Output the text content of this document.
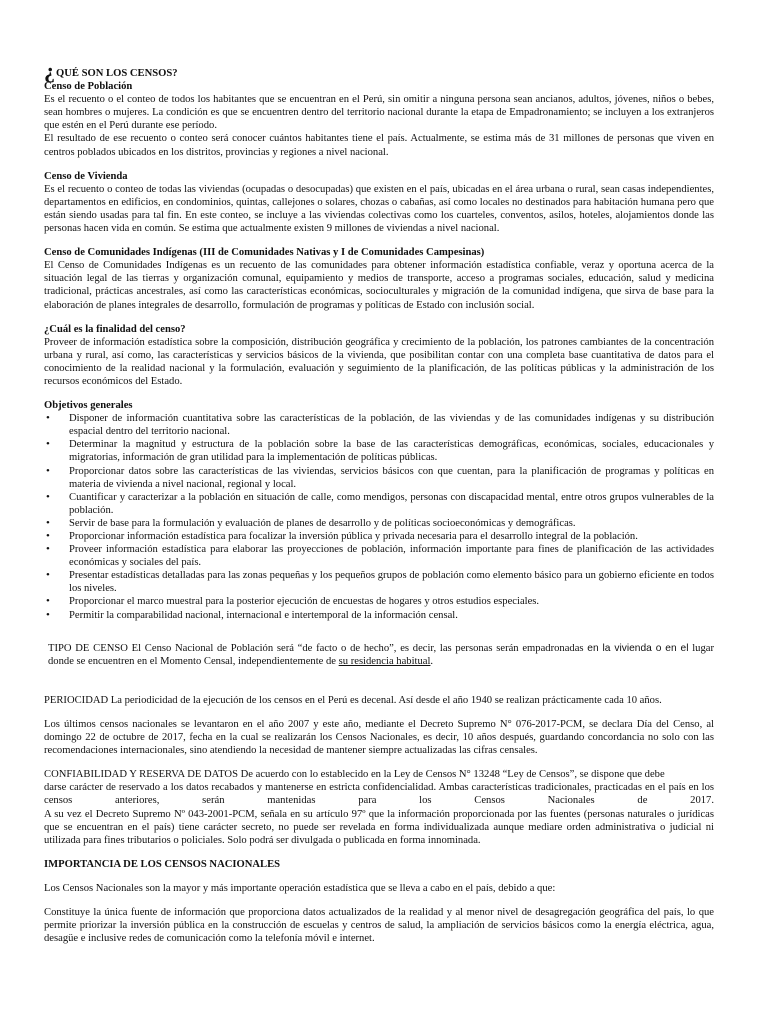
¿QUÉ SON LOS CENSOS?
Censo de Población

Es el recuento o el conteo de todos los habitantes que se encuentran en el Perú, sin omitir a ninguna persona sean ancianos, adultos, jóvenes, niños o bebes, sean hombres o mujeres. La condición es que se encuentren dentro del territorio nacional durante la etapa de Empadronamiento; se incluyen a los extranjeros que estén en el Perú durante ese período.

El resultado de ese recuento o conteo será conocer cuántos habitantes tiene el país. Actualmente, se estima más de 31 millones de personas que viven en centros poblados ubicados en los distritos, provincias y regiones a nivel nacional.

Censo de Vivienda

Es el recuento o conteo de todas las viviendas (ocupadas o desocupadas) que existen en el país, ubicadas en el área urbana o rural, sean casas independientes, departamentos en edificios, en condominios, quintas, callejones o solares, chozas o cabañas, así como locales no destinados para habitación humana pero que están siendo usadas para tal fin. En este conteo, se incluye a las viviendas colectivas como los cuarteles, conventos, asilos, hoteles, alojamientos donde las personas hacen vida en común. Se estima que actualmente existen 9 millones de viviendas a nivel nacional.

Censo de Comunidades Indígenas (III de Comunidades Nativas y I de Comunidades Campesinas)

El Censo de Comunidades Indígenas es un recuento de las comunidades para obtener información estadística confiable, veraz y oportuna acerca de la situación legal de las tierras y organización comunal, equipamiento y medios de transporte, acceso a programas sociales, educación, salud y medicina tradicional, prácticas ancestrales, así como las características económicas, socioculturales y migración de la comunidad indígena, que sirva de base para la elaboración de planes integrales de desarrollo, formulación de programas y políticas de Estado con inclusión social.

¿Cuál es la finalidad del censo?

Proveer de información estadística sobre la composición, distribución geográfica y crecimiento de la población, los patrones cambiantes de la concentración urbana y rural, así como, las características y servicios básicos de la vivienda, que posibilitan contar con una completa base cuantitativa de datos para el conocimiento de la realidad nacional y la formulación, evaluación y seguimiento de la planificación, de las políticas públicas y la administración de los recursos económicos del Estado.

Objetivos generales
• Disponer de información cuantitativa sobre las características de la población, de las viviendas y de las comunidades indígenas y su distribución espacial dentro del territorio nacional.
• Determinar la magnitud y estructura de la población sobre la base de las características demográficas, económicas, sociales, educacionales y migratorias, información de gran utilidad para la implementación de políticas públicas.
• Proporcionar datos sobre las características de las viviendas, servicios básicos con que cuentan, para la planificación de programas y políticas en materia de vivienda a nivel nacional, regional y local.
• Cuantificar y caracterizar a la población en situación de calle, como mendigos, personas con discapacidad mental, entre otros grupos vulnerables de la población.
• Servir de base para la formulación y evaluación de planes de desarrollo y de políticas socioeconómicas y demográficas.
• Proporcionar información estadística para focalizar la inversión pública y privada necesaria para el desarrollo integral de la población.
• Proveer información estadística para elaborar las proyecciones de población, información importante para fines de planificación de las actividades económicas y sociales del país.
• Presentar estadísticas detalladas para las zonas pequeñas y los pequeños grupos de población como elemento básico para un gobierno eficiente en todos los niveles.
• Proporcionar el marco muestral para la posterior ejecución de encuestas de hogares y otros estudios especiales.
• Permitir la comparabilidad nacional, internacional e intertemporal de la información censal.

TIPO DE CENSO El Censo Nacional de Población será “de facto o de hecho”, es decir, las personas serán empadronadas en la vivienda o en el lugar donde se encuentren en el Momento Censal, independientemente de su residencia habitual.

PERIOCIDAD La periodicidad de la ejecución de los censos en el Perú es decenal. Así desde el año 1940 se realizan prácticamente cada 10 años.

Los últimos censos nacionales se levantaron en el año 2007 y este año, mediante el Decreto Supremo N° 076-2017-PCM, se declara Día del Censo, al domingo 22 de octubre de 2017, fecha en la cual se realizarán los Censos Nacionales, es decir, 10 años después, guardando concordancia no solo con las recomendaciones internacionales, sino atendiendo la necesidad de mantener siempre actualizadas las cifras censales.

CONFIABILIDAD Y RESERVA DE DATOS De acuerdo con lo establecido en la Ley de Censos N° 13248 “Ley de Censos”, se dispone que debe

darse carácter de reservado a los datos recabados y mantenerse en estricta confidencialidad. Ambas características tradicionales, practicadas en el país en los censos anteriores, serán mantenidas para los Censos Nacionales de 2017.

A su vez el Decreto Supremo Nº 043-2001-PCM, señala en su artículo 97º que la información proporcionada por las fuentes (personas naturales o jurídicas que se encuentran en el país) tiene carácter secreto, no puede ser revelada en forma individualizada aunque mediare orden administrativa o judicial ni utilizada para fines tributarios o policiales. Solo podrá ser divulgada o publicada en forma innominada.

IMPORTANCIA DE LOS CENSOS NACIONALES

Los Censos Nacionales son la mayor y más importante operación estadística que se lleva a cabo en el país, debido a que:

Constituye la única fuente de información que proporciona datos actualizados de la realidad y al menor nivel de desagregación geográfica del país, lo que permite priorizar la inversión pública en la construcción de escuelas y centros de salud, la ampliación de servicios básicos como la energía eléctrica, agua, desagüe e inclusive redes de comunicación como la telefonía móvil e internet.
